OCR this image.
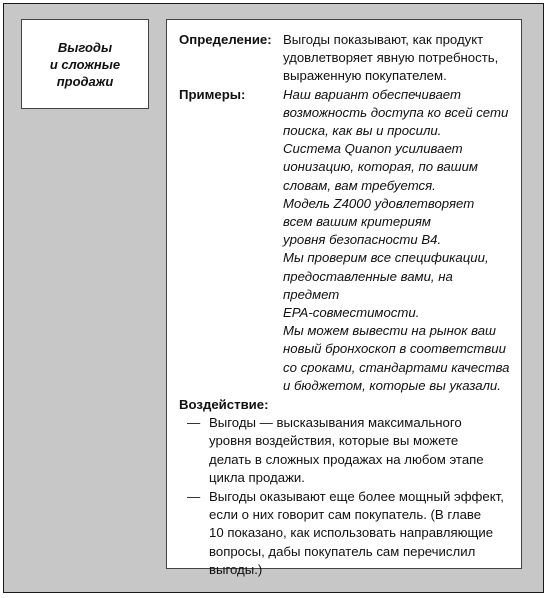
Выгоды
и сложные
продажи
Определение: Выгоды показывают, как продукт
удовлетворяет явную потребность,
выраженную покупателем.
Примеры:	Наш вариант обеспечивает
возможность доступа ко всей сети
поиска, как вы и просили.

Система Quanon усиливает
ионизацию, которая, по вашим
словам, вам требуется.

Модель Z4000 удовлетворяет
всем вашим критериям
уровня безопасности В4.

Мы проверим все спецификации,
предоставленные вами, на предмет
ЕРА-совместимости.

Мы можем вывести на рынок ваш
новый бронхоскоп в соответствии
со сроками, стандартами качества
и бюджетом, которые вы указали.

Воздействие:
— Выгоды — высказывания максимального
уровня воздействия, которые вы можете
делать в сложных продажах на любом этапе
цикла продажи.
— Выгоды оказывают еще более мощный эффект,
если о них говорит сам покупатель. (В главе
10 показано, как использовать направляющие
вопросы, дабы покупатель сам перечислил
выгоды.)
